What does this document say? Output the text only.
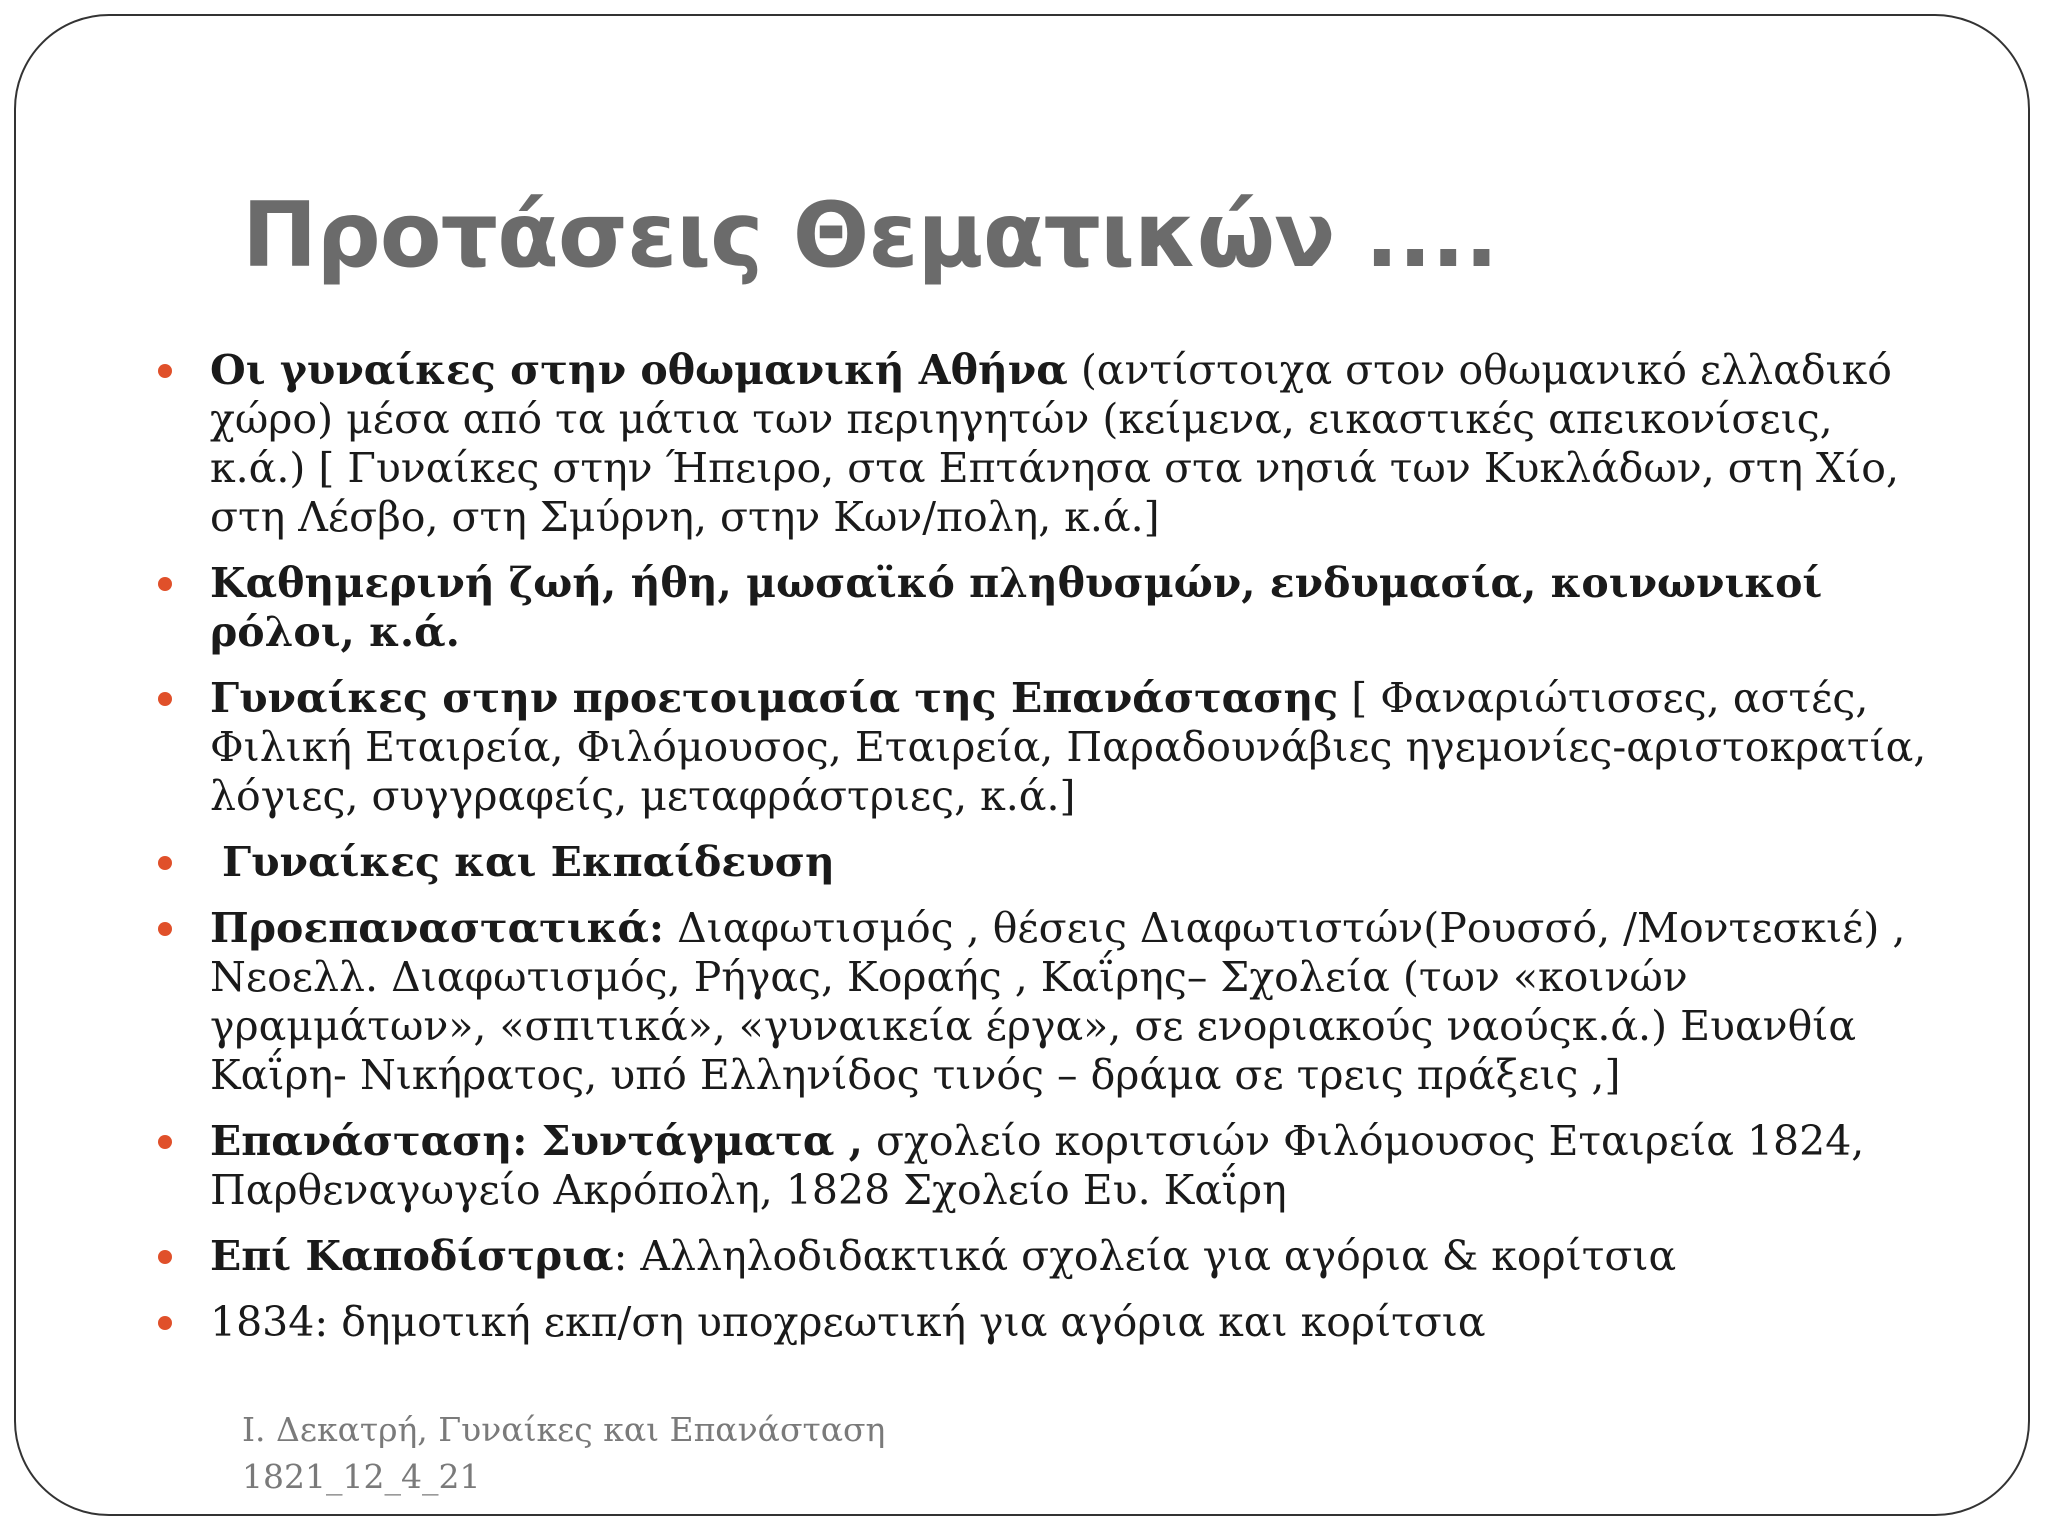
Προτάσεις Θεματικών ....
Οι γυναίκες στην οθωμανική Αθήνα (αντίστοιχα στον οθωμανικό ελλαδικό χώρο) μέσα από τα μάτια των περιηγητών (κείμενα, εικαστικές απεικονίσεις, κ.ά.) [ Γυναίκες στην Ήπειρο, στα Επτάνησα στα νησιά των Κυκλάδων, στη Χίο, στη Λέσβο, στη Σμύρνη, στην Κων/πολη, κ.ά.]
Καθημερινή ζωή, ήθη, μωσαϊκό πληθυσμών, ενδυμασία, κοινωνικοί ρόλοι, κ.ά.
Γυναίκες στην προετοιμασία της Επανάστασης [ Φαναριώτισσες, αστές, Φιλική Εταιρεία, Φιλόμουσος, Εταιρεία, Παραδουνάβιες ηγεμονίες-αριστοκρατία, λόγιες, συγγραφείς, μεταφράστριες, κ.ά.]
Γυναίκες και Εκπαίδευση
Προεπαναστατικά: Διαφωτισμός , θέσεις Διαφωτιστών(Ρουσσό, /Μοντεσκιέ) , Νεοελλ. Διαφωτισμός, Ρήγας, Κοραής , Καΐρης– Σχολεία (των «κοινών γραμμάτων», «σπιτικά», «γυναικεία έργα», σε ενοριακούς ναούςκ.ά.) Ευανθία Καΐρη- Νικήρατος, υπό Ελληνίδος τινός – δράμα σε τρεις πράξεις ,]
Επανάσταση: Συντάγματα , σχολείο κοριτσιών Φιλόμουσος Εταιρεία 1824, Παρθεναγωγείο Ακρόπολη, 1828 Σχολείο Ευ. Καΐρη
Επί Καποδίστρια: Αλληλοδιδακτικά σχολεία για αγόρια & κορίτσια
1834: δημοτική εκπ/ση υποχρεωτική για αγόρια και κορίτσια
Ι. Δεκατρή, Γυναίκες και Επανάσταση
1821_12_4_21
